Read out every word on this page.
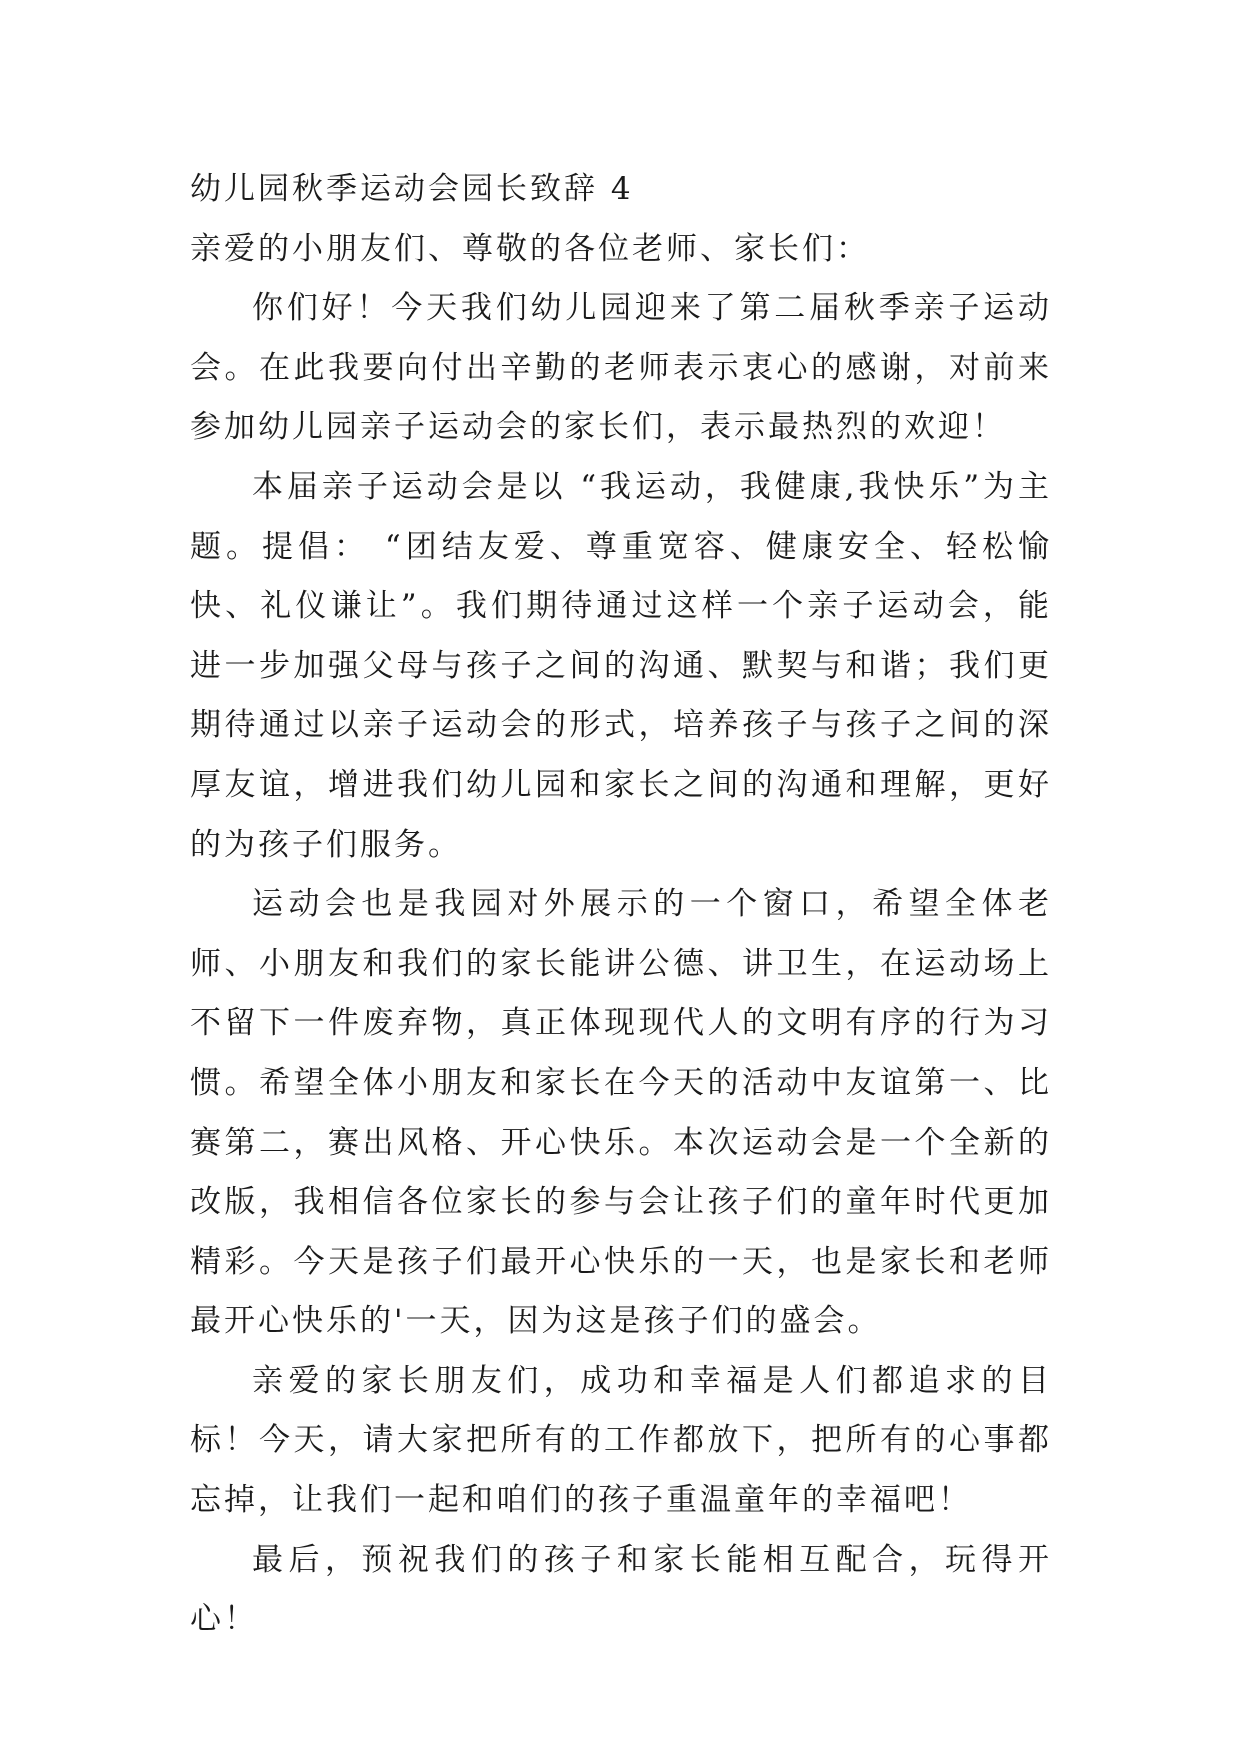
幼儿园秋季运动会园长致辞 4

亲爱的小朋友们、尊敬的各位老师、家长们：

你们好！今天我们幼儿园迎来了第二届秋季亲子运动会。在此我要向付出辛勤的老师表示衷心的感谢，对前来参加幼儿园亲子运动会的家长们，表示最热烈的欢迎！

本届亲子运动会是以 “我运动，我健康,我快乐”为主题。提倡： “团结友爱、尊重宽容、健康安全、轻松愉快、礼仪谦让”。我们期待通过这样一个亲子运动会，能进一步加强父母与孩子之间的沟通、默契与和谐；我们更期待通过以亲子运动会的形式，培养孩子与孩子之间的深厚友谊，增进我们幼儿园和家长之间的沟通和理解，更好的为孩子们服务。

运动会也是我园对外展示的一个窗口，希望全体老师、小朋友和我们的家长能讲公德、讲卫生，在运动场上不留下一件废弃物，真正体现现代人的文明有序的行为习惯。希望全体小朋友和家长在今天的活动中友谊第一、比赛第二，赛出风格、开心快乐。本次运动会是一个全新的改版，我相信各位家长的参与会让孩子们的童年时代更加精彩。今天是孩子们最开心快乐的一天，也是家长和老师最开心快乐的'一天，因为这是孩子们的盛会。

亲爱的家长朋友们，成功和幸福是人们都追求的目标！今天，请大家把所有的工作都放下，把所有的心事都忘掉，让我们一起和咱们的孩子重温童年的幸福吧！

最后，预祝我们的孩子和家长能相互配合，玩得开心！
